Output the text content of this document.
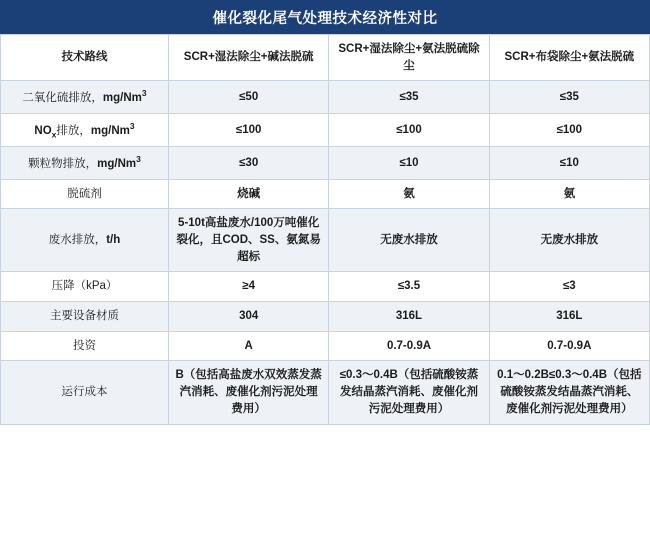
催化裂化尾气处理技术经济性对比
技术路线	SCR+湿法除尘+碱法脱硫	SCR+湿法除尘+氨法脱硫除尘	SCR+布袋除尘+氨法脱硫
二氧化硫排放，$mg/Nm^3$	≤50	≤35	≤35
$NO_x$排放，$mg/Nm^3$	≤100	≤100	≤100
颗粒物排放，$mg/Nm^3$	≤30	≤10	≤10
脱硫剂	烧碱	氨	氨
废水排放，t/h	5-10t高盐废水/100万吨催化裂化，且COD、SS、氨氮易超标	无废水排放	无废水排放
压降（kPa）	≥4	≤3.5	≤3
主要设备材质	304	316L	316L
投资	A	0.7-0.9A	0.7-0.9A
运行成本	B（包括高盐废水双效蒸发蒸汽消耗、废催化剂污泥处理费用）	≤0.3～0.4B（包括硫酸铵蒸发结晶蒸汽消耗、废催化剂污泥处理费用）	0.1～0.2B≤0.3～0.4B（包括硫酸铵蒸发结晶蒸汽消耗、废催化剂污泥处理费用）
